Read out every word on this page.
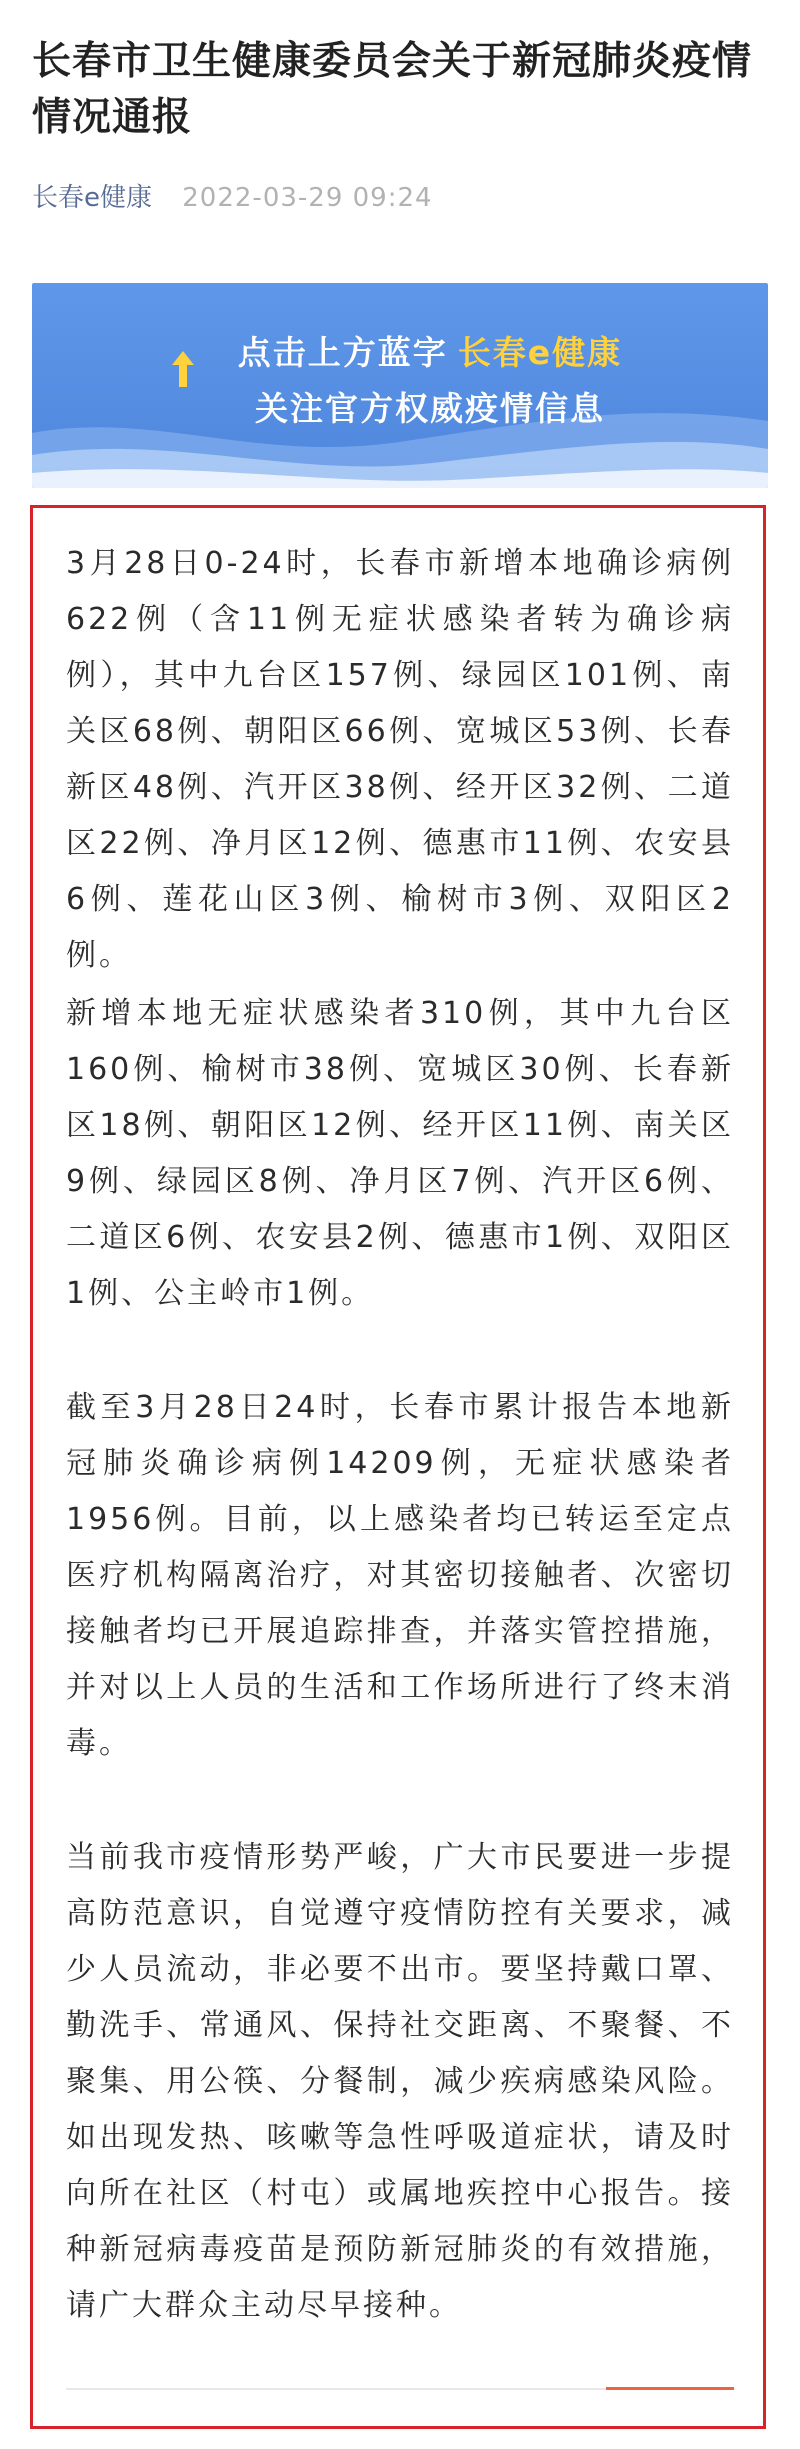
长春市卫生健康委员会关于新冠肺炎疫情情况通报
长春e健康 2022-03-29 09:24
点击上方蓝字 长春e健康
关注官方权威疫情信息

3月28日0-24时，长春市新增本地确诊病例622例（含11例无症状感染者转为确诊病例），其中九台区157例、绿园区101例、南关区68例、朝阳区66例、宽城区53例、长春新区48例、汽开区38例、经开区32例、二道区22例、净月区12例、德惠市11例、农安县6例、莲花山区3例、榆树市3例、双阳区2例。

新增本地无症状感染者310例，其中九台区160例、榆树市38例、宽城区30例、长春新区18例、朝阳区12例、经开区11例、南关区9例、绿园区8例、净月区7例、汽开区6例、二道区6例、农安县2例、德惠市1例、双阳区1例、公主岭市1例。

截至3月28日24时，长春市累计报告本地新冠肺炎确诊病例14209例，无症状感染者1956例。目前，以上感染者均已转运至定点医疗机构隔离治疗，对其密切接触者、次密切接触者均已开展追踪排查，并落实管控措施，并对以上人员的生活和工作场所进行了终末消毒。

当前我市疫情形势严峻，广大市民要进一步提高防范意识，自觉遵守疫情防控有关要求，减少人员流动，非必要不出市。要坚持戴口罩、勤洗手、常通风、保持社交距离、不聚餐、不聚集、用公筷、分餐制，减少疾病感染风险。如出现发热、咳嗽等急性呼吸道症状，请及时向所在社区（村屯）或属地疾控中心报告。接种新冠病毒疫苗是预防新冠肺炎的有效措施，请广大群众主动尽早接种。
